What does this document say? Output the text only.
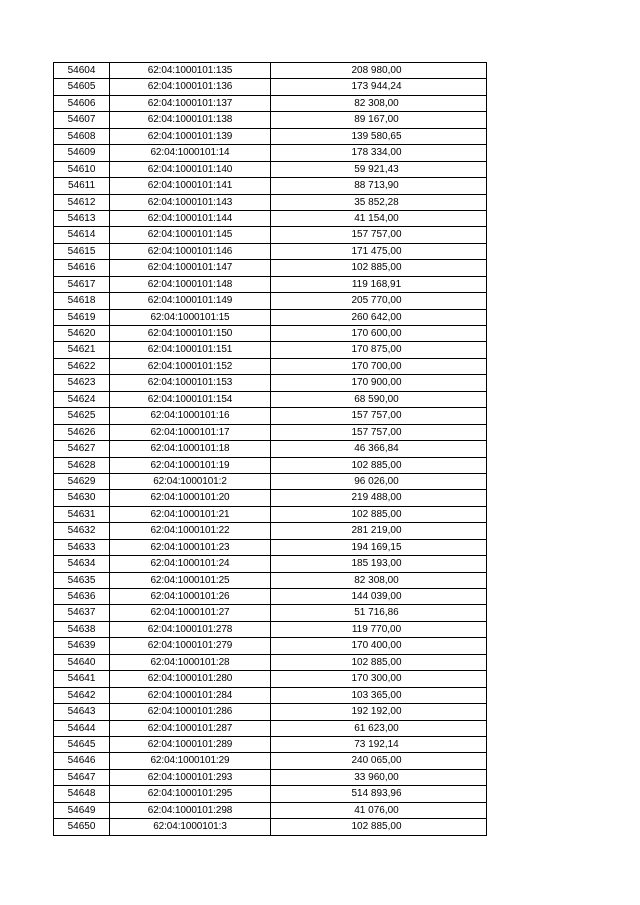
54604	62:04:1000101:135	208 980,00
54605	62:04:1000101:136	173 944,24
54606	62:04:1000101:137	82 308,00
54607	62:04:1000101:138	89 167,00
54608	62:04:1000101:139	139 580,65
54609	62:04:1000101:14	178 334,00
54610	62:04:1000101:140	59 921,43
54611	62:04:1000101:141	88 713,90
54612	62:04:1000101:143	35 852,28
54613	62:04:1000101:144	41 154,00
54614	62:04:1000101:145	157 757,00
54615	62:04:1000101:146	171 475,00
54616	62:04:1000101:147	102 885,00
54617	62:04:1000101:148	119 168,91
54618	62:04:1000101:149	205 770,00
54619	62:04:1000101:15	260 642,00
54620	62:04:1000101:150	170 600,00
54621	62:04:1000101:151	170 875,00
54622	62:04:1000101:152	170 700,00
54623	62:04:1000101:153	170 900,00
54624	62:04:1000101:154	68 590,00
54625	62:04:1000101:16	157 757,00
54626	62:04:1000101:17	157 757,00
54627	62:04:1000101:18	46 366,84
54628	62:04:1000101:19	102 885,00
54629	62:04:1000101:2	96 026,00
54630	62:04:1000101:20	219 488,00
54631	62:04:1000101:21	102 885,00
54632	62:04:1000101:22	281 219,00
54633	62:04:1000101:23	194 169,15
54634	62:04:1000101:24	185 193,00
54635	62:04:1000101:25	82 308,00
54636	62:04:1000101:26	144 039,00
54637	62:04:1000101:27	51 716,86
54638	62:04:1000101:278	119 770,00
54639	62:04:1000101:279	170 400,00
54640	62:04:1000101:28	102 885,00
54641	62:04:1000101:280	170 300,00
54642	62:04:1000101:284	103 365,00
54643	62:04:1000101:286	192 192,00
54644	62:04:1000101:287	61 623,00
54645	62:04:1000101:289	73 192,14
54646	62:04:1000101:29	240 065,00
54647	62:04:1000101:293	33 960,00
54648	62:04:1000101:295	514 893,96
54649	62:04:1000101:298	41 076,00
54650	62:04:1000101:3	102 885,00
